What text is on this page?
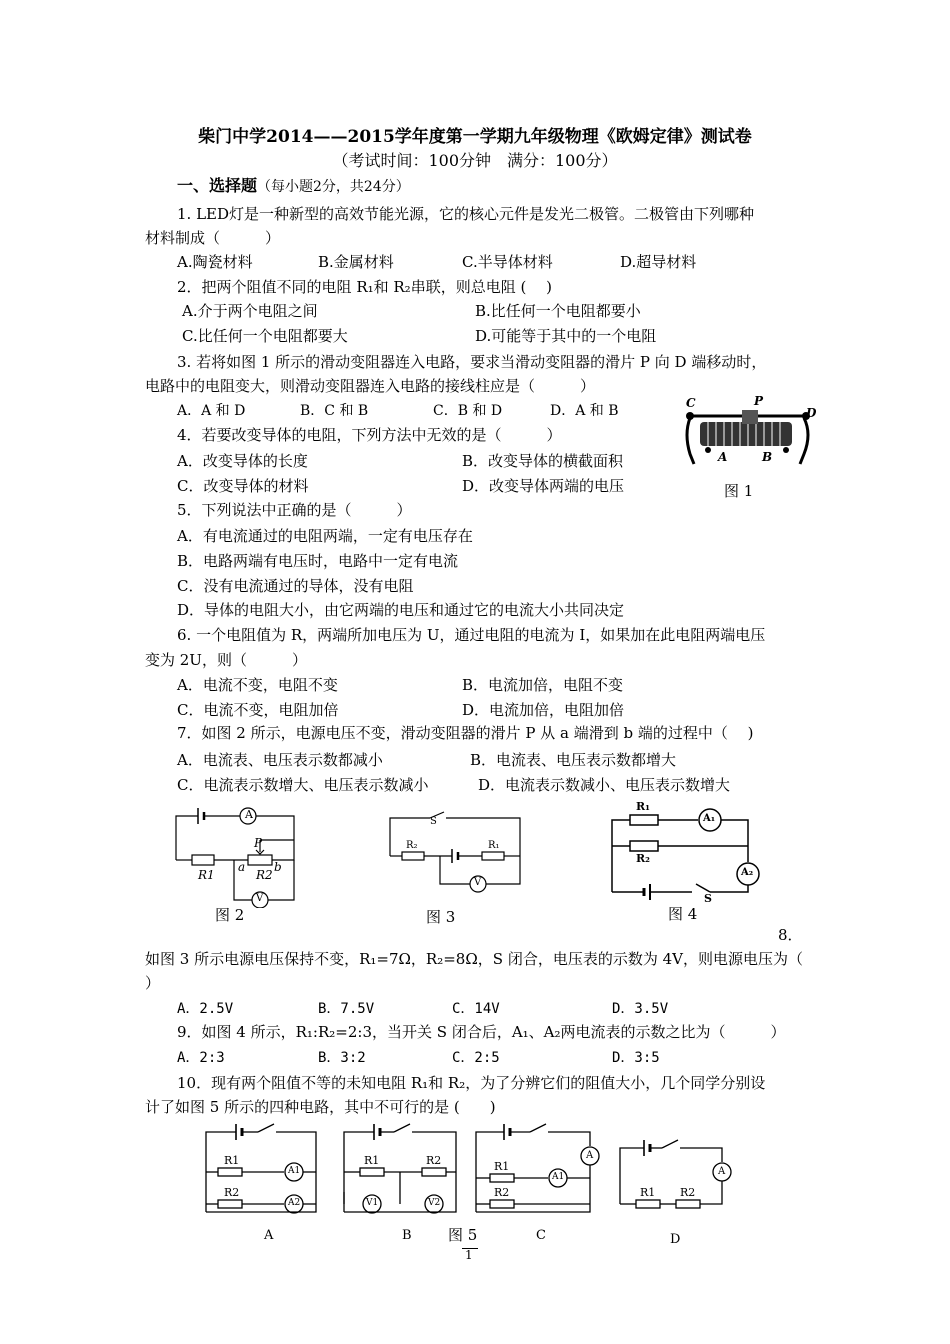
柴门中学2014——2015学年度第一学期九年级物理《欧姆定律》测试卷
（考试时间：100分钟　满分：100分）
一、选择题（每小题2分，共24分）
1. LED灯是一种新型的高效节能光源，它的核心元件是发光二极管。二极管由下列哪种
材料制成（　　　）
A.陶瓷材料	B.金属材料	C.半导体材料	D.超导材料
2．把两个阻值不同的电阻 R₁和 R₂串联，则总电阻 (　 )
A.介于两个电阻之间	B.比任何一个电阻都要小
C.比任何一个电阻都要大	D.可能等于其中的一个电阻
3. 若将如图 1 所示的滑动变阻器连入电路，要求当滑动变阻器的滑片 P 向 D 端移动时，
电路中的电阻变大，则滑动变阻器连入电路的接线柱应是（　　　）
A．A 和 D	B．C 和 B	C．B 和 D	D．A 和 B	C	P
D
A	B
图 1
4．若要改变导体的电阻，下列方法中无效的是（　　　）
A．改变导体的长度	B．改变导体的横截面积
C．改变导体的材料	D．改变导体两端的电压
5．下列说法中正确的是（　　　）
A．有电流通过的电阻两端，一定有电压存在
B．电路两端有电压时，电路中一定有电流
C．没有电流通过的导体，没有电阻
D．导体的电阻大小，由它两端的电压和通过它的电流大小共同决定
6. 一个电阻值为 R，两端所加电压为 U，通过电阻的电流为 I，如果加在此电阻两端电压
变为 2U，则（　　　）
A．电流不变，电阻不变	B．电流加倍，电阻不变
C．电流不变，电阻加倍	D．电流加倍，电阻加倍
7．如图 2 所示，电源电压不变，滑动变阻器的滑片 P 从 a 端滑到 b 端的过程中（　 )
A．电流表、电压表示数都减小	B．电流表、电压表示数都增大
C．电流表示数增大、电压表示数减小	D．电流表示数减小、电压表示数增大
A
P
R1
a
R2
b
V
图 2
S
R₂	R₁
V
图 3
R₁
A₁
R₂
A₂
S
图 4
8．
如图 3 所示电源电压保持不变，R₁=7Ω，R₂=8Ω，S 闭合，电压表的示数为 4V，则电源电压为（
）
A．2.5V	B．7.5V	C．14V	D．3.5V
9．如图 4 所示，R₁:R₂=2:3，当开关 S 闭合后，A₁、A₂两电流表的示数之比为（　　　）
A．2:3	B．3:2	C．2:5	D．3:5
10．现有两个阻值不等的未知电阻 R₁和 R₂，为了分辨它们的阻值大小，几个同学分别设
计了如图 5 所示的四种电路，其中不可行的是 (　　)
R1
R2
A1
A2
R1	R2
V1	V2
R1
R2
A1
A
R1 R2
A
A	B 图 5	C	D
1
